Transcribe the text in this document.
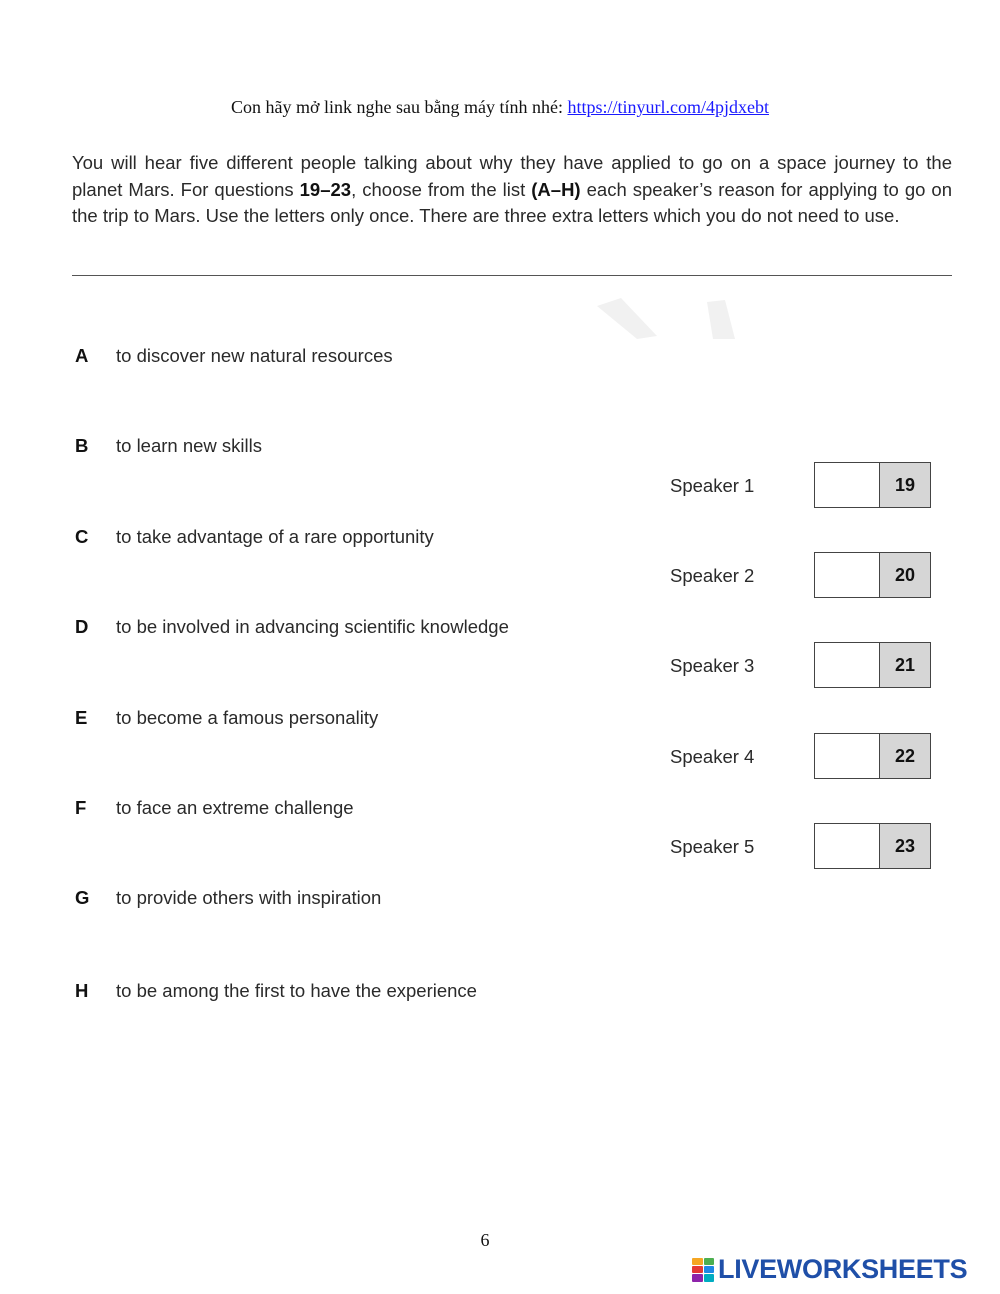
Con hãy mở link nghe sau bằng máy tính nhé: https://tinyurl.com/4pjdxebt
You will hear five different people talking about why they have applied to go on a space journey to the planet Mars. For questions 19–23, choose from the list (A–H) each speaker’s reason for applying to go on the trip to Mars. Use the letters only once. There are three extra letters which you do not need to use.
A to discover new natural resources
B to learn new skills
C to take advantage of a rare opportunity
D to be involved in advancing scientific knowledge
E to become a famous personality
F to face an extreme challenge
G to provide others with inspiration
H to be among the first to have the experience
Speaker 1	19
Speaker 2	20
Speaker 3	21
Speaker 4	22
Speaker 5	23
6
LIVEWORKSHEETS
